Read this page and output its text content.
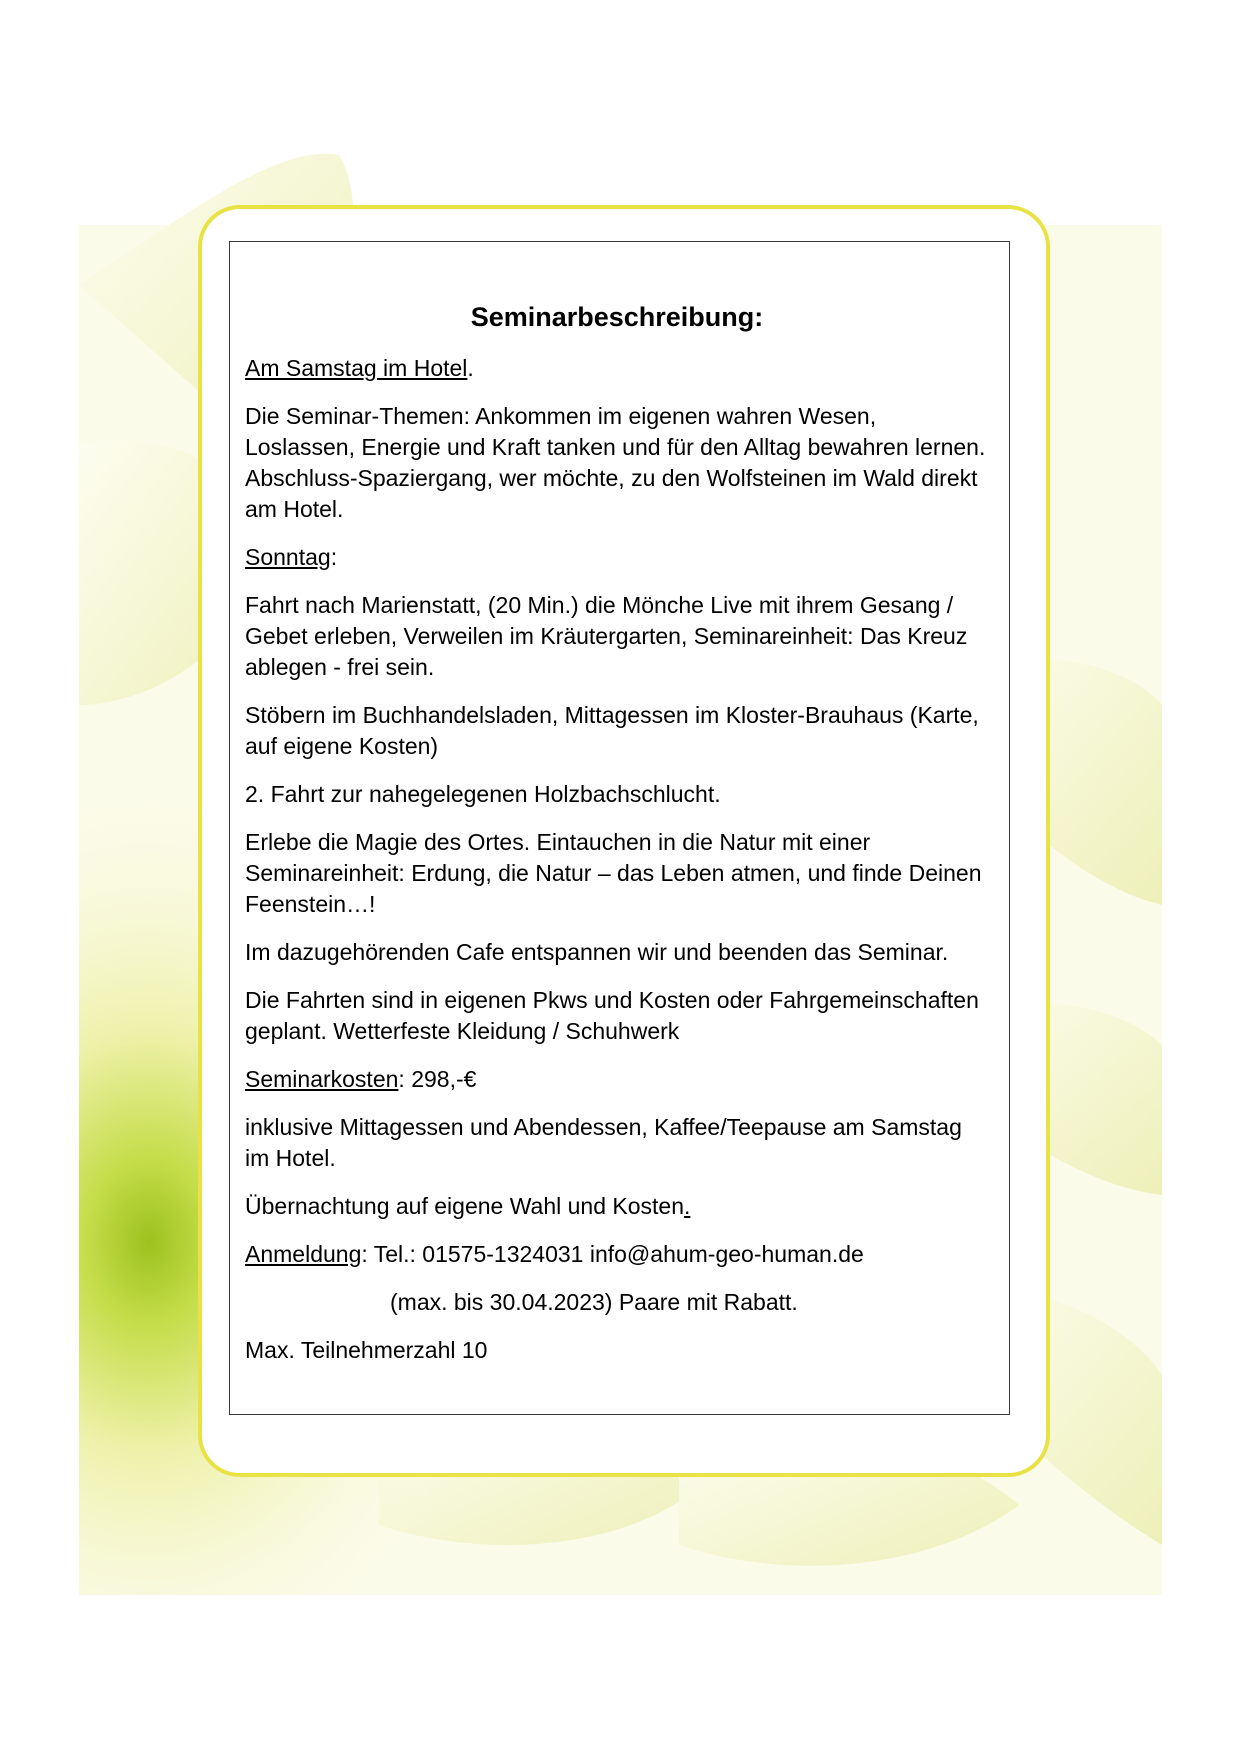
Seminarbeschreibung:

Am Samstag im Hotel.

Die Seminar-Themen: Ankommen im eigenen wahren Wesen, Loslassen, Energie und Kraft tanken und für den Alltag bewahren lernen. Abschluss-Spaziergang, wer möchte, zu den Wolfsteinen im Wald direkt am Hotel.

Sonntag:

Fahrt nach Marienstatt, (20 Min.) die Mönche Live mit ihrem Gesang / Gebet erleben, Verweilen im Kräutergarten, Seminareinheit: Das Kreuz ablegen - frei sein.

Stöbern im Buchhandelsladen, Mittagessen im Kloster-Brauhaus (Karte, auf eigene Kosten)

2. Fahrt zur nahegelegenen Holzbachschlucht.

Erlebe die Magie des Ortes. Eintauchen in die Natur mit einer Seminareinheit: Erdung, die Natur – das Leben atmen, und finde Deinen Feenstein…!

Im dazugehörenden Cafe entspannen wir und beenden das Seminar.

Die Fahrten sind in eigenen Pkws und Kosten oder Fahrgemeinschaften geplant. Wetterfeste Kleidung / Schuhwerk

Seminarkosten: 298,-€

inklusive Mittagessen und Abendessen, Kaffee/Teepause am Samstag im Hotel.

Übernachtung auf eigene Wahl und Kosten.

Anmeldung: Tel.: 01575-1324031 info@ahum-geo-human.de

(max. bis 30.04.2023) Paare mit Rabatt.

Max. Teilnehmerzahl 10
